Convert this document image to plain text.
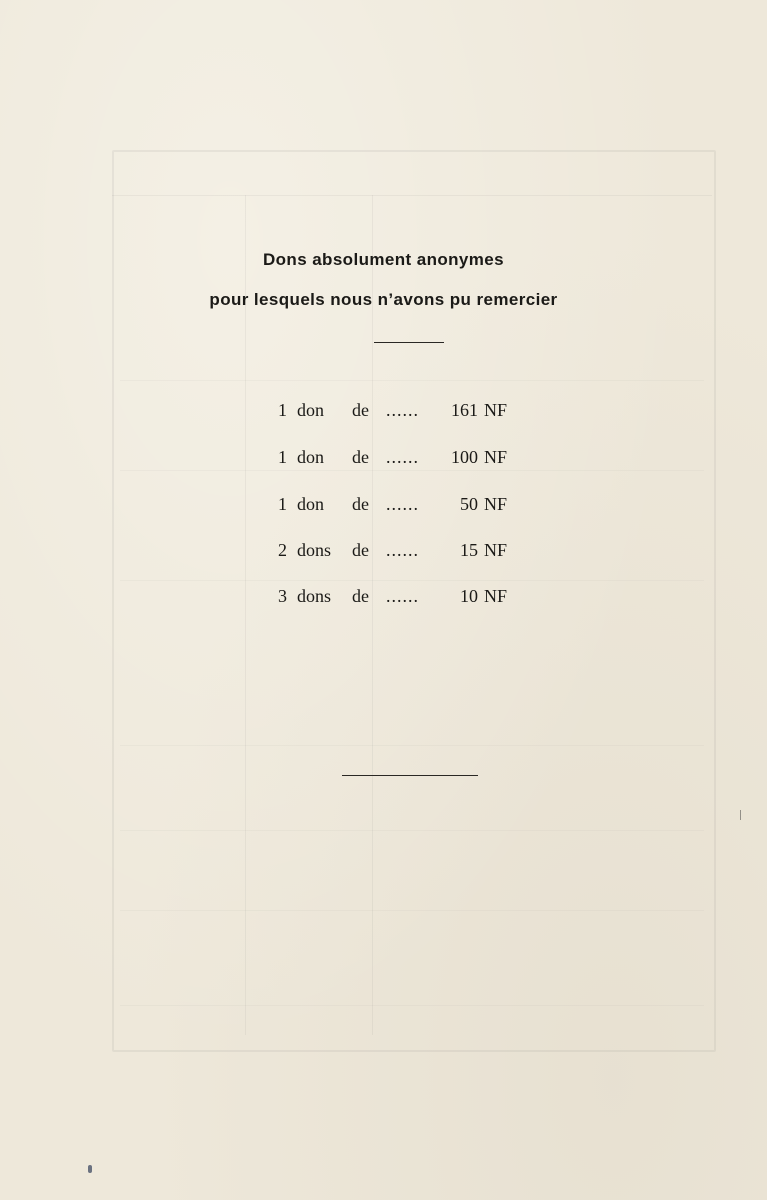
Dons absolument anonymes
pour lesquels nous n’avons pu remercier
1 don de ...... 161 NF
1 don de ...... 100 NF
1 don de ...... 50 NF
2 dons de ...... 15 NF
3 dons de ...... 10 NF
